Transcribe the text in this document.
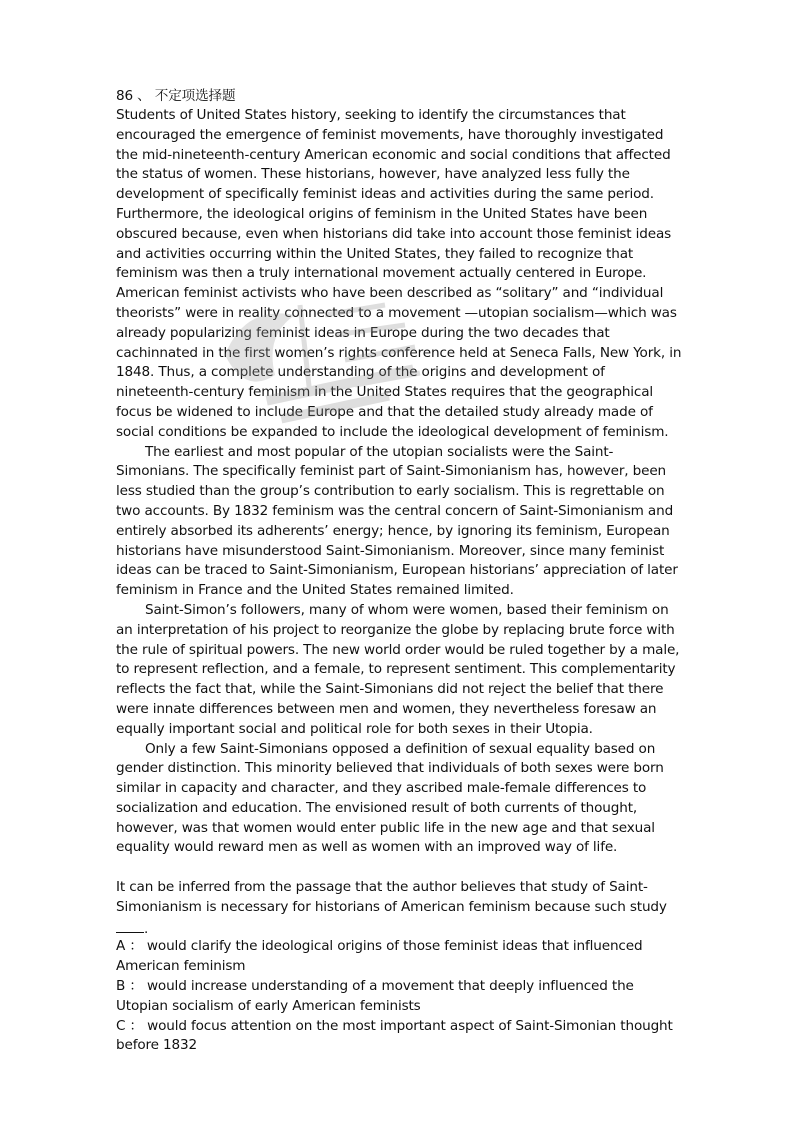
86 、 不定项选择题

Students of United States history, seeking to identify the circumstances that encouraged the emergence of feminist movements, have thoroughly investigated the mid-nineteenth-century American economic and social conditions that affected the status of women. These historians, however, have analyzed less fully the development of specifically feminist ideas and activities during the same period. Furthermore, the ideological origins of feminism in the United States have been obscured because, even when historians did take into account those feminist ideas and activities occurring within the United States, they failed to recognize that feminism was then a truly international movement actually centered in Europe. American feminist activists who have been described as “solitary” and “individual theorists” were in reality connected to a movement —utopian socialism—which was already popularizing feminist ideas in Europe during the two decades that cachinnated in the first women’s rights conference held at Seneca Falls, New York, in 1848. Thus, a complete understanding of the origins and development of nineteenth-century feminism in the United States requires that the geographical focus be widened to include Europe and that the detailed study already made of social conditions be expanded to include the ideological development of feminism.

The earliest and most popular of the utopian socialists were the Saint-Simonians. The specifically feminist part of Saint-Simonianism has, however, been less studied than the group’s contribution to early socialism. This is regrettable on two accounts. By 1832 feminism was the central concern of Saint-Simonianism and entirely absorbed its adherents’ energy; hence, by ignoring its feminism, European historians have misunderstood Saint-Simonianism. Moreover, since many feminist ideas can be traced to Saint-Simonianism, European historians’ appreciation of later feminism in France and the United States remained limited.

Saint-Simon’s followers, many of whom were women, based their feminism on an interpretation of his project to reorganize the globe by replacing brute force with the rule of spiritual powers. The new world order would be ruled together by a male, to represent reflection, and a female, to represent sentiment. This complementarity reflects the fact that, while the Saint-Simonians did not reject the belief that there were innate differences between men and women, they nevertheless foresaw an equally important social and political role for both sexes in their Utopia.

Only a few Saint-Simonians opposed a definition of sexual equality based on gender distinction. This minority believed that individuals of both sexes were born similar in capacity and character, and they ascribed male-female differences to socialization and education. The envisioned result of both currents of thought, however, was that women would enter public life in the new age and that sexual equality would reward men as well as women with an improved way of life.

It can be inferred from the passage that the author believes that study of Saint-Simonianism is necessary for historians of American feminism because such study

.

A ： would clarify the ideological origins of those feminist ideas that influenced American feminism

B ： would increase understanding of a movement that deeply influenced the Utopian socialism of early American feminists

C ： would focus attention on the most important aspect of Saint-Simonian thought before 1832
